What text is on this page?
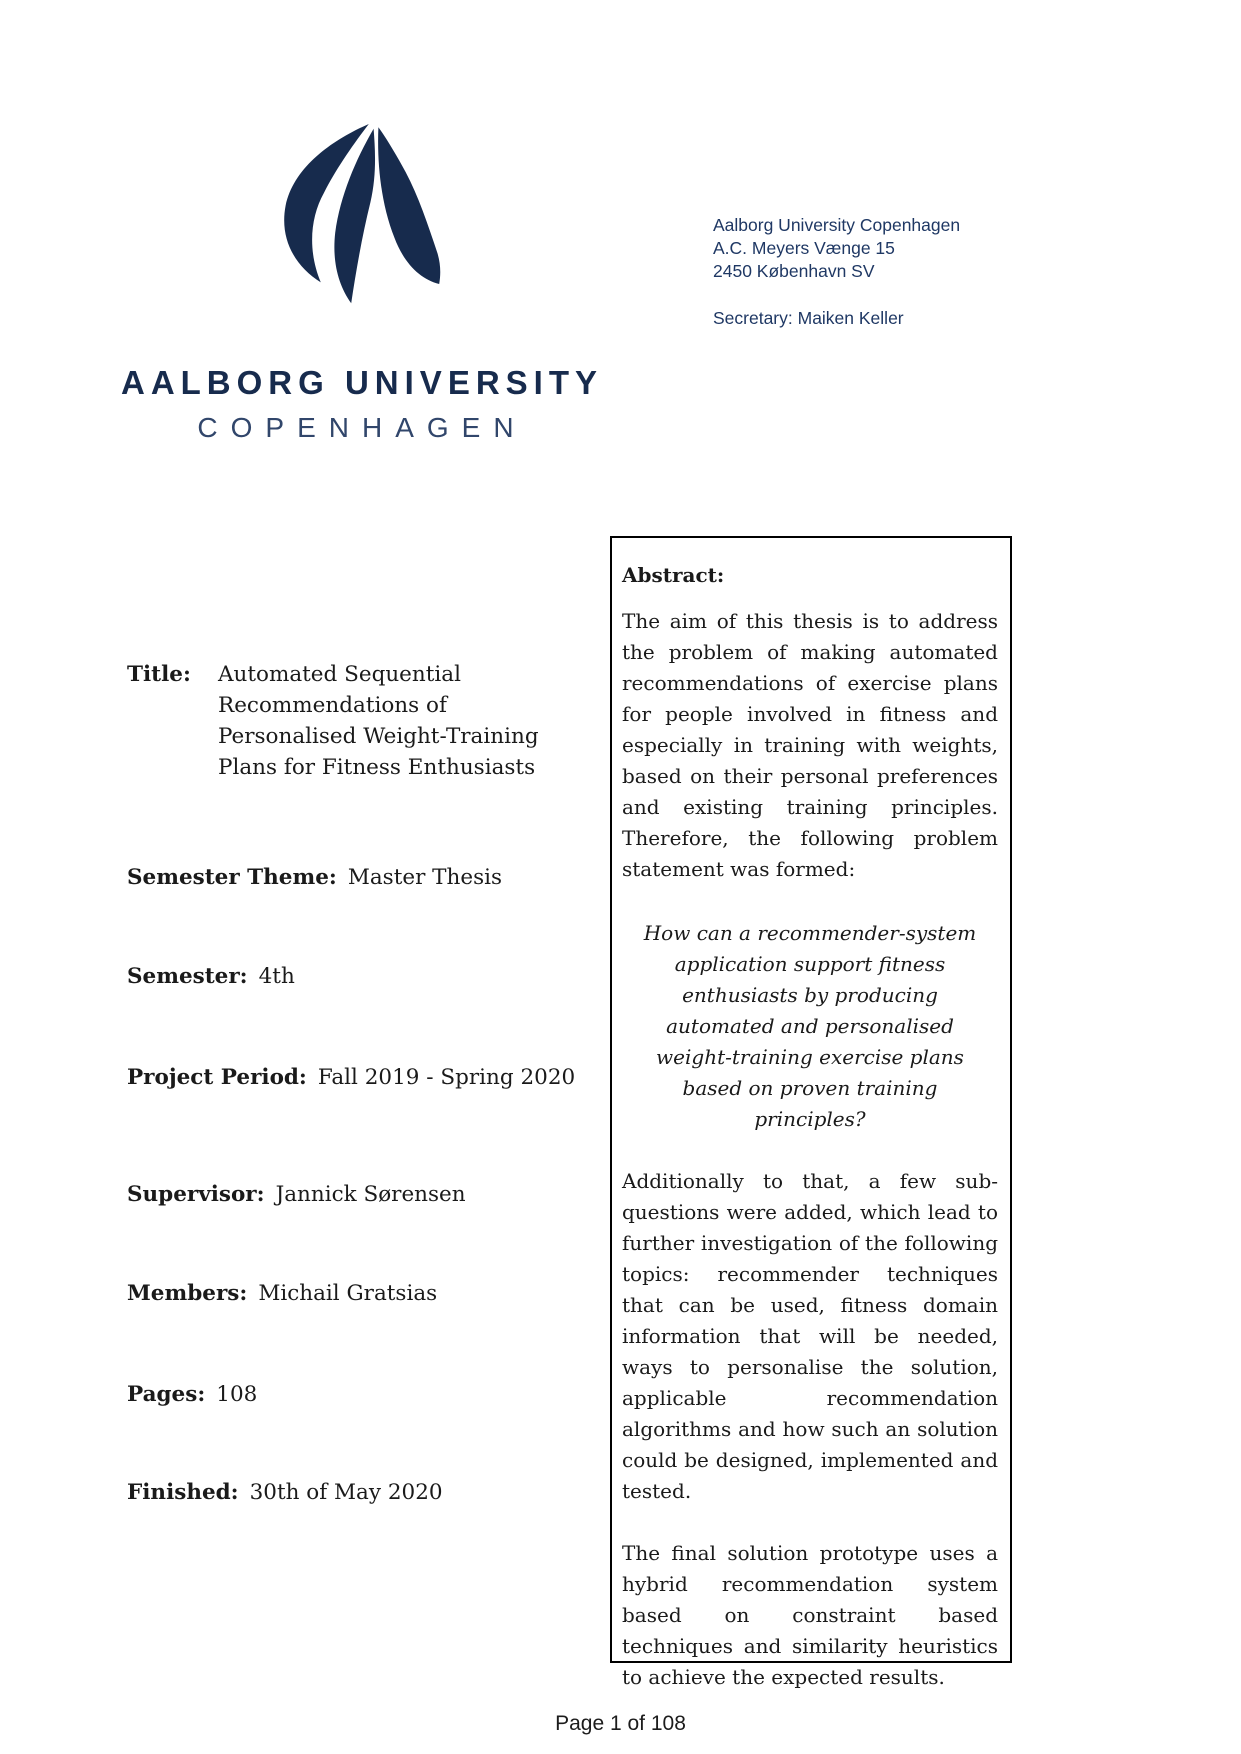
AALBORG UNIVERSITY
COPENHAGEN
Aalborg University Copenhagen
A.C. Meyers Vænge 15
2450 København SV
Secretary: Maiken Keller
Title:	Automated Sequential
Recommendations of
Personalised Weight-Training
Plans for Fitness Enthusiasts
Semester Theme: Master Thesis
Semester: 4th
Project Period: Fall 2019 - Spring 2020
Supervisor: Jannick Sørensen
Members: Michail Gratsias
Pages: 108
Finished: 30th of May 2020
Abstract:

The aim of this thesis is to address the problem of making automated recommendations of exercise plans for people involved in fitness and especially in training with weights, based on their personal preferences and existing training principles. Therefore, the following problem statement was formed:

How can a recommender-system application support fitness enthusiasts by producing automated and personalised weight-training exercise plans based on proven training principles?

Additionally to that, a few sub-questions were added, which lead to further investigation of the following topics: recommender techniques that can be used, fitness domain information that will be needed, ways to personalise the solution, applicable recommendation algorithms and how such an solution could be designed, implemented and tested.

The final solution prototype uses a hybrid recommendation system based on constraint based techniques and similarity heuristics to achieve the expected results.

Page 1 of 108
